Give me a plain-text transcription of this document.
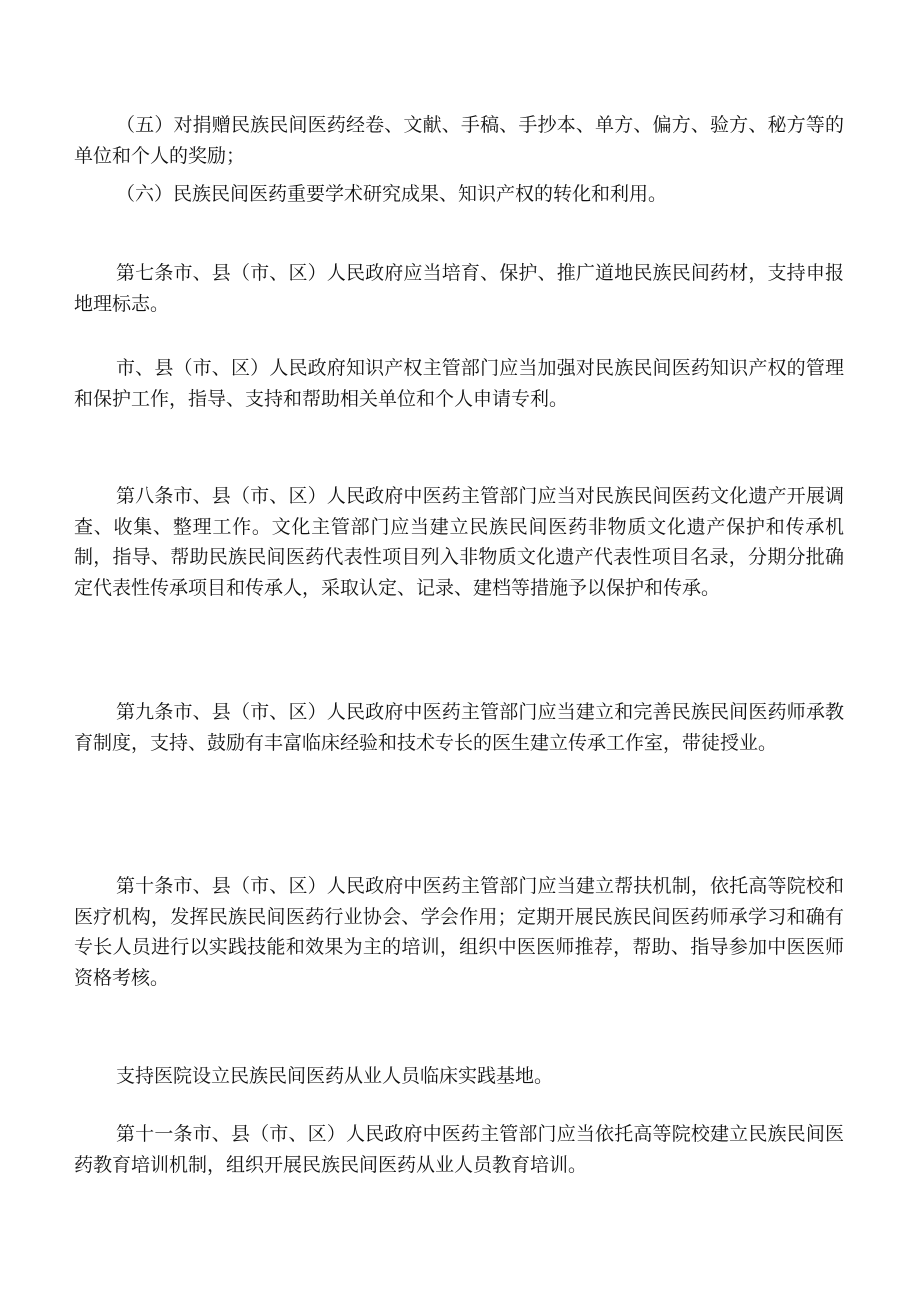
（五）对捐赠民族民间医药经卷、文献、手稿、手抄本、单方、偏方、验方、秘方等的单位和个人的奖励；

（六）民族民间医药重要学术研究成果、知识产权的转化和利用。

第七条市、县（市、区）人民政府应当培育、保护、推广道地民族民间药材，支持申报地理标志。

市、县（市、区）人民政府知识产权主管部门应当加强对民族民间医药知识产权的管理和保护工作，指导、支持和帮助相关单位和个人申请专利。

第八条市、县（市、区）人民政府中医药主管部门应当对民族民间医药文化遗产开展调查、收集、整理工作。文化主管部门应当建立民族民间医药非物质文化遗产保护和传承机制，指导、帮助民族民间医药代表性项目列入非物质文化遗产代表性项目名录，分期分批确定代表性传承项目和传承人，采取认定、记录、建档等措施予以保护和传承。

第九条市、县（市、区）人民政府中医药主管部门应当建立和完善民族民间医药师承教育制度，支持、鼓励有丰富临床经验和技术专长的医生建立传承工作室，带徒授业。

第十条市、县（市、区）人民政府中医药主管部门应当建立帮扶机制，依托高等院校和医疗机构，发挥民族民间医药行业协会、学会作用；定期开展民族民间医药师承学习和确有专长人员进行以实践技能和效果为主的培训，组织中医医师推荐，帮助、指导参加中医医师资格考核。

支持医院设立民族民间医药从业人员临床实践基地。

第十一条市、县（市、区）人民政府中医药主管部门应当依托高等院校建立民族民间医药教育培训机制，组织开展民族民间医药从业人员教育培训。
